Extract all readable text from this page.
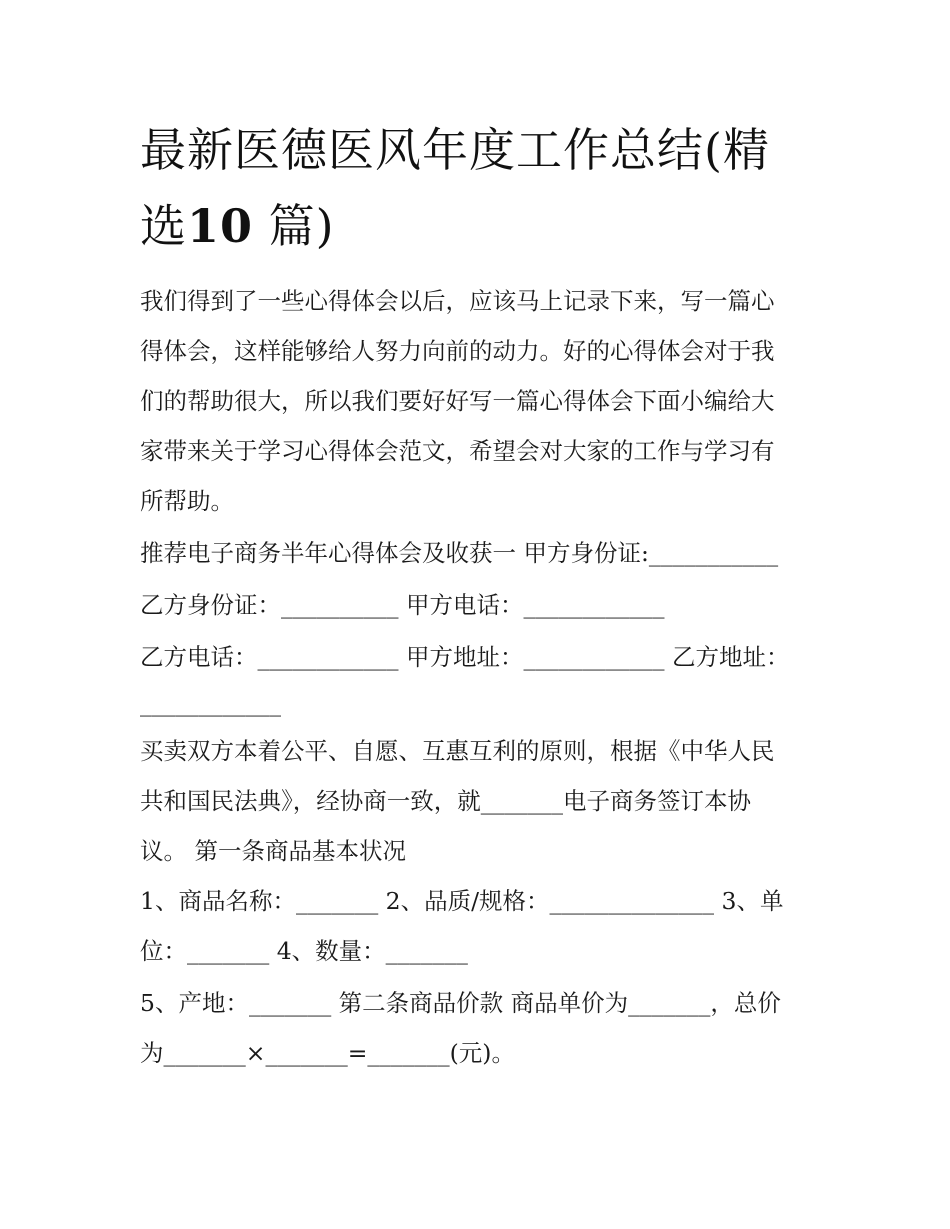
最新医德医风年度工作总结(精
选10 篇)
我们得到了一些心得体会以后，应该马上记录下来，写一篇心
得体会，这样能够给人努力向前的动力。好的心得体会对于我
们的帮助很大，所以我们要好好写一篇心得体会下面小编给大
家带来关于学习心得体会范文，希望会对大家的工作与学习有
所帮助。
推荐电子商务半年心得体会及收获一 甲方身份证:___________
乙方身份证：__________ 甲方电话：____________
乙方电话：____________ 甲方地址：____________ 乙方地址：
____________
买卖双方本着公平、自愿、互惠互利的原则，根据《中华人民
共和国民法典》，经协商一致，就_______电子商务签订本协
议。 第一条商品基本状况
1、商品名称：_______ 2、品质/规格：______________ 3、单
位：_______ 4、数量：_______
5、产地：_______ 第二条商品价款 商品单价为_______，总价
为_______×_______=_______(元)。
